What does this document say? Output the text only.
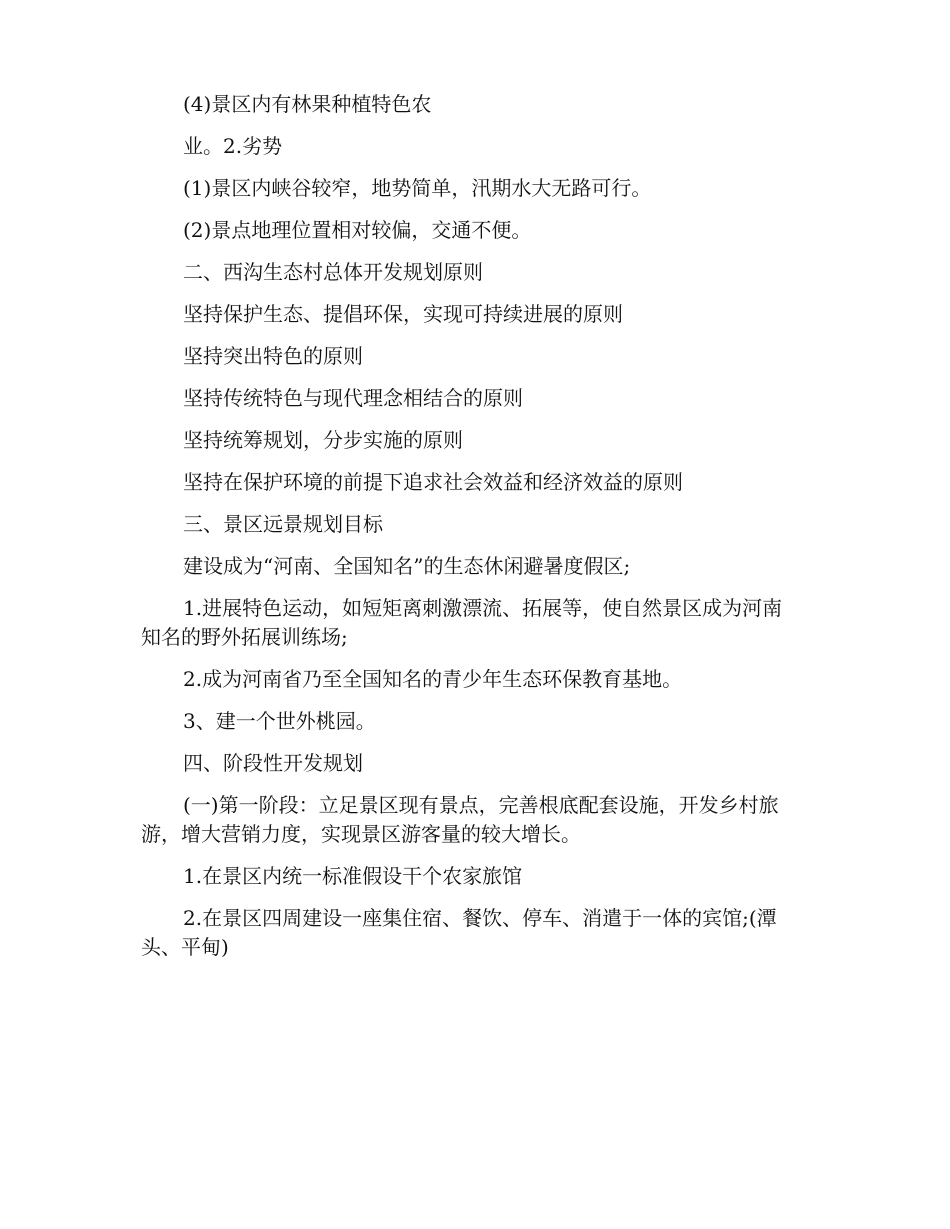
(4)景区内有林果种植特色农

业。2.劣势

(1)景区内峡谷较窄，地势简单，汛期水大无路可行。

(2)景点地理位置相对较偏，交通不便。

二、西沟生态村总体开发规划原则

坚持保护生态、提倡环保，实现可持续进展的原则

坚持突出特色的原则

坚持传统特色与现代理念相结合的原则

坚持统筹规划，分步实施的原则

坚持在保护环境的前提下追求社会效益和经济效益的原则

三、景区远景规划目标

建设成为“河南、全国知名”的生态休闲避暑度假区;

1.进展特色运动，如短矩离刺激漂流、拓展等，使自然景区成为河南知名的野外拓展训练场;

2.成为河南省乃至全国知名的青少年生态环保教育基地。

3、建一个世外桃园。

四、阶段性开发规划

(一)第一阶段：立足景区现有景点，完善根底配套设施，开发乡村旅游，增大营销力度，实现景区游客量的较大增长。

1.在景区内统一标准假设干个农家旅馆

2.在景区四周建设一座集住宿、餐饮、停车、消遣于一体的宾馆;(潭头、平甸)
